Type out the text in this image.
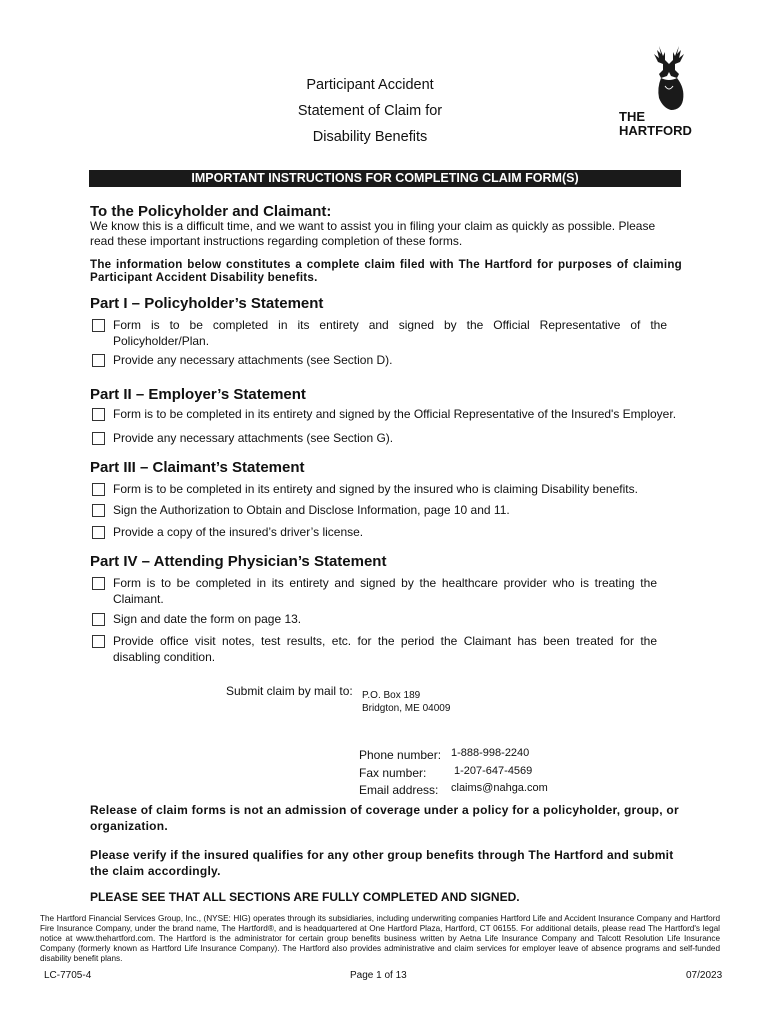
Participant Accident
Statement of Claim for
Disability Benefits
THE
HARTFORD
IMPORTANT INSTRUCTIONS FOR COMPLETING CLAIM FORM(S)
To the Policyholder and Claimant:
We know this is a difficult time, and we want to assist you in filing your claim as quickly as possible. Please read these important instructions regarding completion of these forms.
The information below constitutes a complete claim filed with The Hartford for purposes of claiming Participant Accident Disability benefits.
Part I – Policyholder’s Statement
Form is to be completed in its entirety and signed by the Official Representative of the Policyholder/Plan.
Provide any necessary attachments (see Section D).
Part II – Employer’s Statement
Form is to be completed in its entirety and signed by the Official Representative of the Insured's Employer.
Provide any necessary attachments (see Section G).
Part III – Claimant’s Statement
Form is to be completed in its entirety and signed by the insured who is claiming Disability benefits.
Sign the Authorization to Obtain and Disclose Information, page 10 and 11.
Provide a copy of the insured’s driver’s license.
Part IV – Attending Physician’s Statement
Form is to be completed in its entirety and signed by the healthcare provider who is treating the Claimant.
Sign and date the form on page 13.
Provide office visit notes, test results, etc. for the period the Claimant has been treated for the disabling condition.
Submit claim by mail to: P.O. Box 189
Bridgton, ME 04009
Phone number: 1-888-998-2240
Fax number:	1-207-647-4569
Email address: claims@nahga.com
Release of claim forms is not an admission of coverage under a policy for a policyholder, group, or organization.
Please verify if the insured qualifies for any other group benefits through The Hartford and submit the claim accordingly.
PLEASE SEE THAT ALL SECTIONS ARE FULLY COMPLETED AND SIGNED.
The Hartford Financial Services Group, Inc., (NYSE: HIG) operates through its subsidiaries, including underwriting companies Hartford Life and Accident Insurance Company and Hartford Fire Insurance Company, under the brand name, The Hartford®, and is headquartered at One Hartford Plaza, Hartford, CT 06155. For additional details, please read The Hartford's legal notice at www.thehartford.com. The Hartford is the administrator for certain group benefits business written by Aetna Life Insurance Company and Talcott Resolution Life Insurance Company (formerly known as Hartford Life Insurance Company). The Hartford also provides administrative and claim services for employer leave of absence programs and self-funded disability benefit plans.
LC-7705-4	Page 1 of 13	07/2023
